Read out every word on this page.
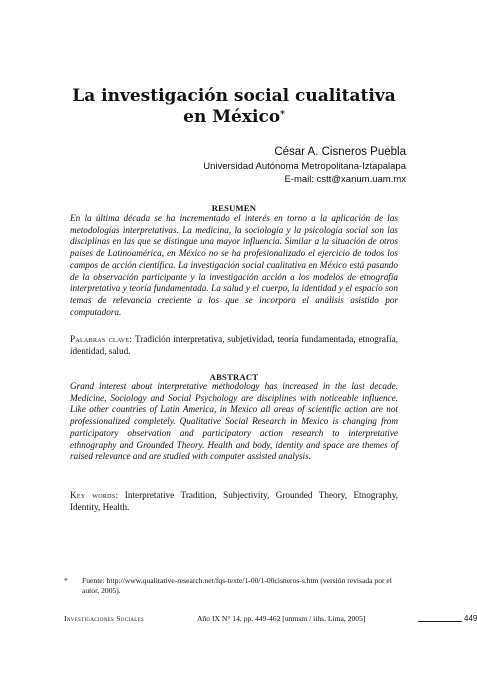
La investigación social cualitativa
en México*
César A. Cisneros Puebla
Universidad Autónoma Metropolitana-Iztapalapa
E-mail: cstt@xanum.uam.mx
RESUMEN
En la última década se ha incrementado el interés en torno a la aplicación de las metodologías interpretativas. La medicina, la sociología y la psicología social son las disciplinas en las que se distingue una mayor influencia. Similar a la situación de otros países de Latinoamérica, en México no se ha profesionalizado el ejercicio de todos los campos de acción científica. La investigación social cualitativa en México está pasando de la observación participante y la investigación acción a los modelos de etnografía interpretativa y teoría fundamentada. La salud y el cuerpo, la identidad y el espacio son temas de relevancia creciente a los que se incorpora el análisis asistido por computadora.
Palabras clave: Tradición interpretativa, subjetividad, teoría fundamentada, etnografía, identidad, salud.
ABSTRACT
Grand interest about interpretative methodology has increased in the last decade. Medicine, Sociology and Social Psychology are disciplines with noticeable influence. Like other countries of Latin America, in Mexico all areas of scientific action are not professionalized completely. Qualitative Social Research in Mexico is changing from participatory observation and participatory action research to interpretative ethnography and Grounded Theory. Health and body, identity and space are themes of raised relevance and are studied with computer assisted analysis.
Key words: Interpretative Tradition, Subjectivity, Grounded Theory, Etnography, Identity, Health.
* Fuente: http://www.qualitative-research.net/fqs-texte/1-00/1-00cisneros-s.htm (versión revisada por el autor, 2005).
Investigaciones Sociales	Año IX N° 14, pp. 449-462 [unmsm / iihs, Lima, 2005]	449
